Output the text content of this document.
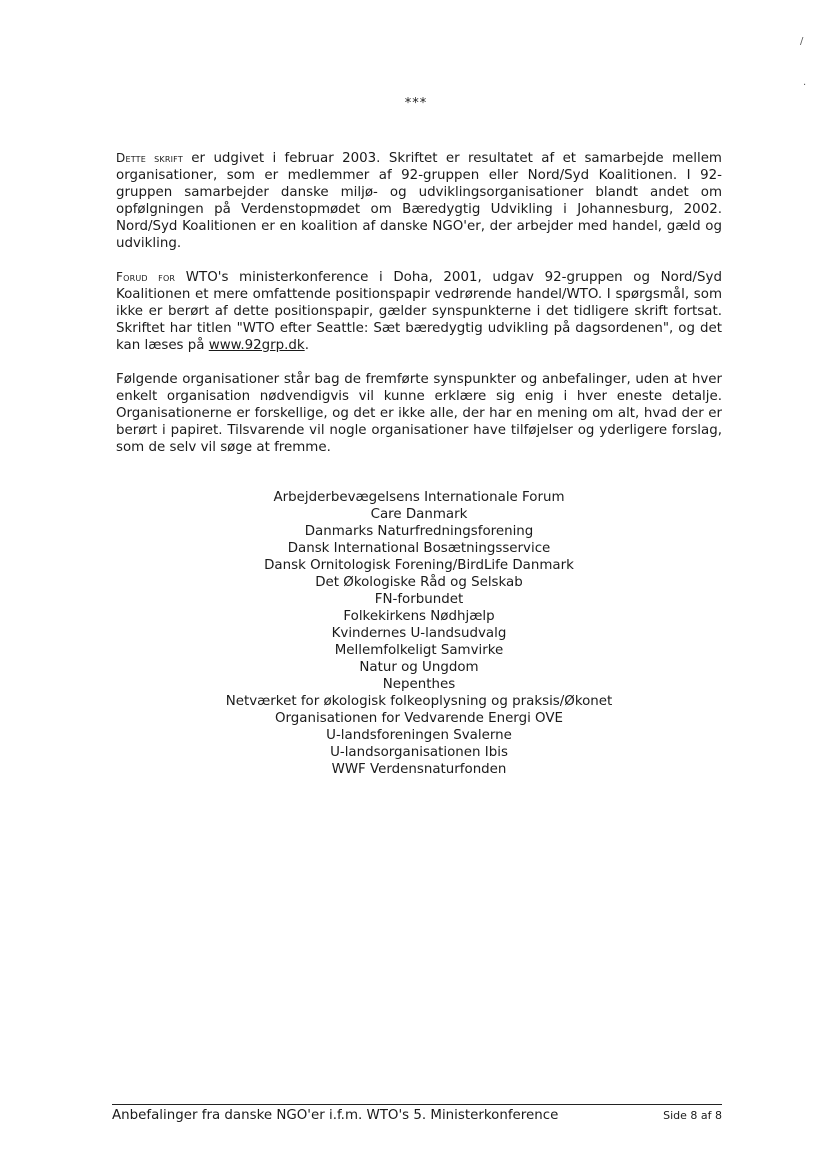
/
·
***

Dette skrift er udgivet i februar 2003. Skriftet er resultatet af et samarbejde mellem organisationer, som er medlemmer af 92-gruppen eller Nord/Syd Koalitionen. I 92-gruppen samarbejder danske miljø- og udviklingsorganisationer blandt andet om opfølgningen på Verdenstopmødet om Bæredygtig Udvikling i Johannesburg, 2002. Nord/Syd Koalitionen er en koalition af danske NGO'er, der arbejder med handel, gæld og udvikling.

Forud for WTO's ministerkonference i Doha, 2001, udgav 92-gruppen og Nord/Syd Koalitionen et mere omfattende positionspapir vedrørende handel/WTO. I spørgsmål, som ikke er berørt af dette positionspapir, gælder synspunkterne i det tidligere skrift fortsat. Skriftet har titlen "WTO efter Seattle: Sæt bæredygtig udvikling på dagsordenen", og det kan læses på www.92grp.dk.

Følgende organisationer står bag de fremførte synspunkter og anbefalinger, uden at hver enkelt organisation nødvendigvis vil kunne erklære sig enig i hver eneste detalje. Organisationerne er forskellige, og det er ikke alle, der har en mening om alt, hvad der er berørt i papiret. Tilsvarende vil nogle organisationer have tilføjelser og yderligere forslag, som de selv vil søge at fremme.

Arbejderbevægelsens Internationale Forum
Care Danmark
Danmarks Naturfredningsforening
Dansk International Bosætningsservice
Dansk Ornitologisk Forening/BirdLife Danmark
Det Økologiske Råd og Selskab
FN-forbundet
Folkekirkens Nødhjælp
Kvindernes U-landsudvalg
Mellemfolkeligt Samvirke
Natur og Ungdom
Nepenthes
Netværket for økologisk folkeoplysning og praksis/Økonet
Organisationen for Vedvarende Energi OVE
U-landsforeningen Svalerne
U-landsorganisationen Ibis
WWF Verdensnaturfonden
Anbefalinger fra danske NGO'er i.f.m. WTO's 5. Ministerkonference	Side 8 af 8
